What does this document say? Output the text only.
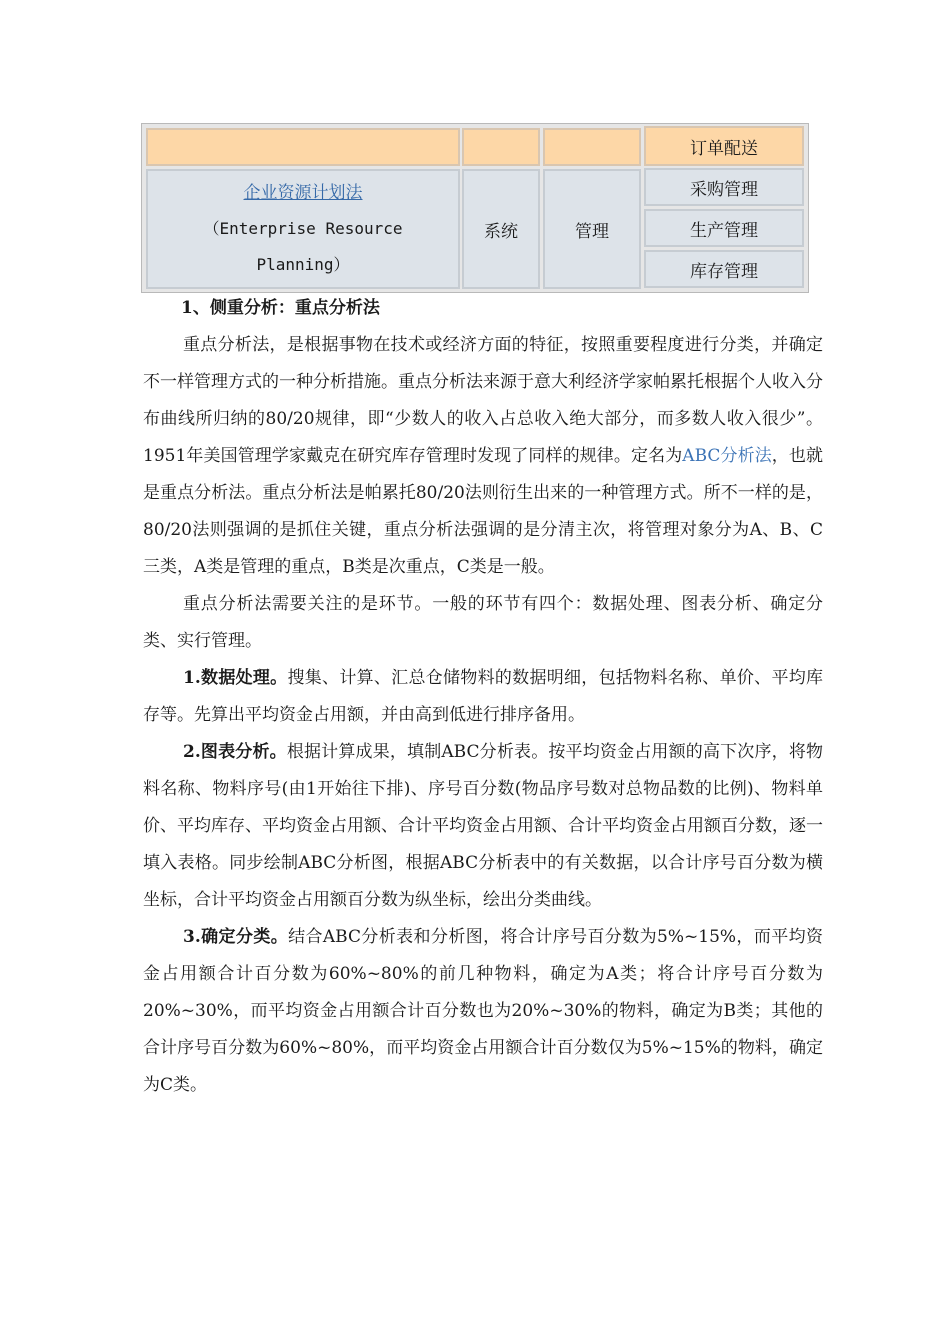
订单配送
企业资源计划法
（Enterprise Resource
Planning）
系统	管理
采购管理
生产管理
库存管理

1、侧重分析：重点分析法

重点分析法，是根据事物在技术或经济方面的特征，按照重要程度进行分类，并确定不一样管理方式的一种分析措施。重点分析法来源于意大利经济学家帕累托根据个人收入分布曲线所归纳的80/20规律，即“少数人的收入占总收入绝大部分，而多数人收入很少”。1951年美国管理学家戴克在研究库存管理时发现了同样的规律。定名为ABC分析法，也就是重点分析法。重点分析法是帕累托80/20法则衍生出来的一种管理方式。所不一样的是，80/20法则强调的是抓住关键，重点分析法强调的是分清主次，将管理对象分为A、B、C三类，A类是管理的重点，B类是次重点，C类是一般。

重点分析法需要关注的是环节。一般的环节有四个：数据处理、图表分析、确定分类、实行管理。

1.数据处理。搜集、计算、汇总仓储物料的数据明细，包括物料名称、单价、平均库存等。先算出平均资金占用额，并由高到低进行排序备用。

2.图表分析。根据计算成果，填制ABC分析表。按平均资金占用额的高下次序，将物料名称、物料序号(由1开始往下排)、序号百分数(物品序号数对总物品数的比例)、物料单价、平均库存、平均资金占用额、合计平均资金占用额、合计平均资金占用额百分数，逐一填入表格。同步绘制ABC分析图，根据ABC分析表中的有关数据，以合计序号百分数为横坐标，合计平均资金占用额百分数为纵坐标，绘出分类曲线。

3.确定分类。结合ABC分析表和分析图，将合计序号百分数为5%~15%，而平均资金占用额合计百分数为60%~80%的前几种物料，确定为A类；将合计序号百分数为20%~30%，而平均资金占用额合计百分数也为20%~30%的物料，确定为B类；其他的合计序号百分数为60%~80%，而平均资金占用额合计百分数仅为5%~15%的物料，确定为C类。
